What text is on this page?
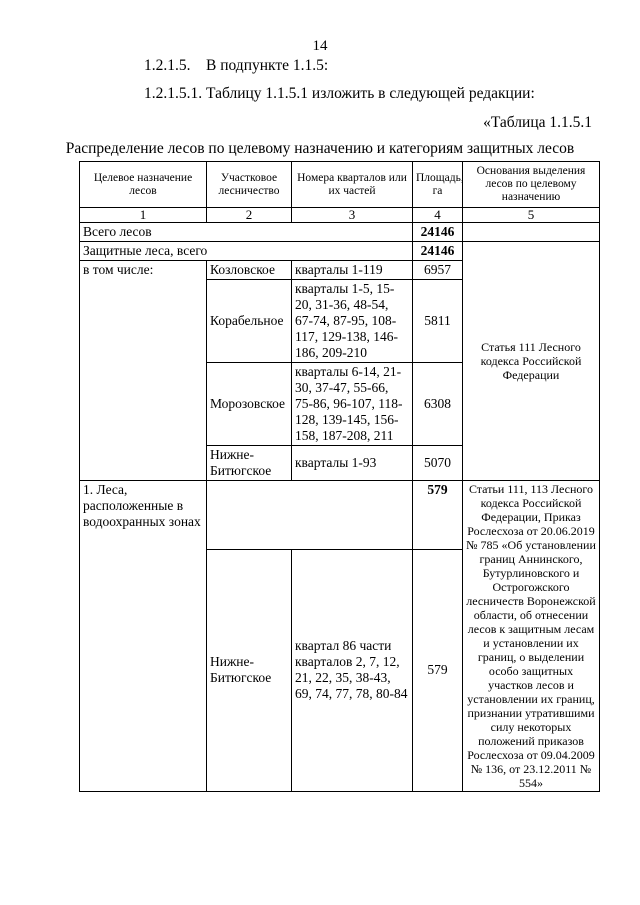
14
1.2.1.5.    В подпункте 1.1.5:
1.2.1.5.1. Таблицу 1.1.5.1 изложить в следующей редакции:
«Таблица 1.1.5.1
Распределение лесов по целевому назначению и категориям защитных лесов
Целевое назначение лесов	Участковое лесничество	Номера кварталов или их частей	Площадь, га	Основания выделения лесов по целевому назначению
1	2	3	4	5
Всего лесов			24146	
Защитные леса, всего			24146	Статья 111 Лесного кодекса Российской Федерации
в том числе:	Козловское	кварталы 1-119	6957	
	Корабельное	кварталы 1-5, 15-20, 31-36, 48-54, 67-74, 87-95, 108-117, 129-138, 146-186, 209-210	5811	
	Морозовское	кварталы 6-14, 21-30, 37-47, 55-66, 75-86, 96-107, 118-128, 139-145, 156-158, 187-208, 211	6308	
	Нижне-Битюгское	кварталы 1-93	5070	
1. Леса, расположенные в водоохранных зонах			579	Статьи 111, 113 Лесного кодекса Российской Федерации, Приказ Рослесхоза от 20.06.2019 № 785 «Об установлении границ Аннинского, Бутурлиновского и Острогожского лесничеств Воронежской области, об отнесении лесов к защитным лесам и установлении их границ, о выделении особо защитных участков лесов и установлении их границ, признании утратившими силу некоторых положений приказов Рослесхоза от 09.04.2009 № 136, от 23.12.2011 № 554»
	Нижне-Битюгское	квартал 86 части кварталов 2, 7, 12, 21, 22, 35, 38-43, 69, 74, 77, 78, 80-84	579	
